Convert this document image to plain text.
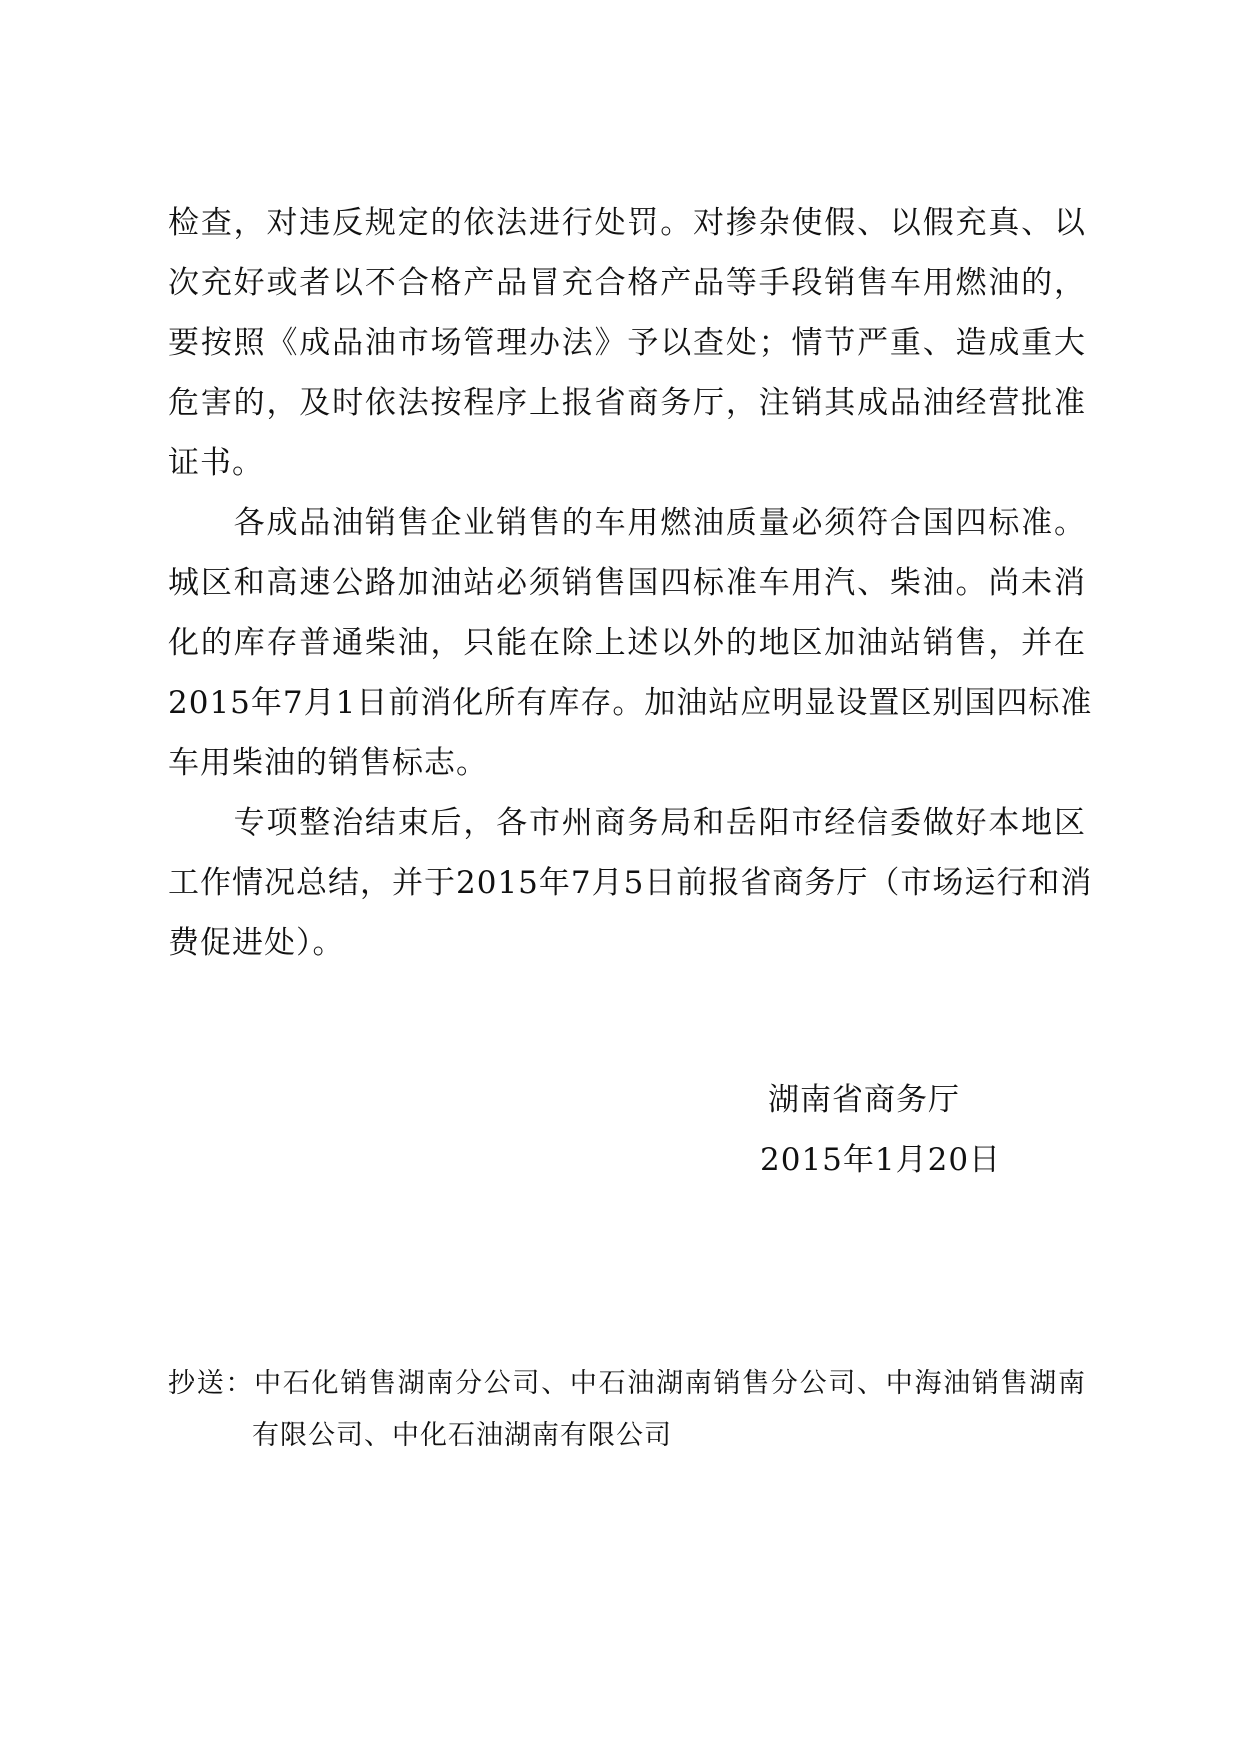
检查，对违反规定的依法进行处罚。对掺杂使假、以假充真、以
次充好或者以不合格产品冒充合格产品等手段销售车用燃油的，
要按照《成品油市场管理办法》予以查处；情节严重、造成重大
危害的，及时依法按程序上报省商务厅，注销其成品油经营批准
证书。
　　各成品油销售企业销售的车用燃油质量必须符合国四标准。
城区和高速公路加油站必须销售国四标准车用汽、柴油。尚未消
化的库存普通柴油，只能在除上述以外的地区加油站销售，并在
2015年7月1日前消化所有库存。加油站应明显设置区别国四标准
车用柴油的销售标志。
　　专项整治结束后，各市州商务局和岳阳市经信委做好本地区
工作情况总结，并于2015年7月5日前报省商务厅（市场运行和消
费促进处）。
湖南省商务厅
2015年1月20日
抄送：中石化销售湖南分公司、中石油湖南销售分公司、中海油销售湖南
有限公司、中化石油湖南有限公司
